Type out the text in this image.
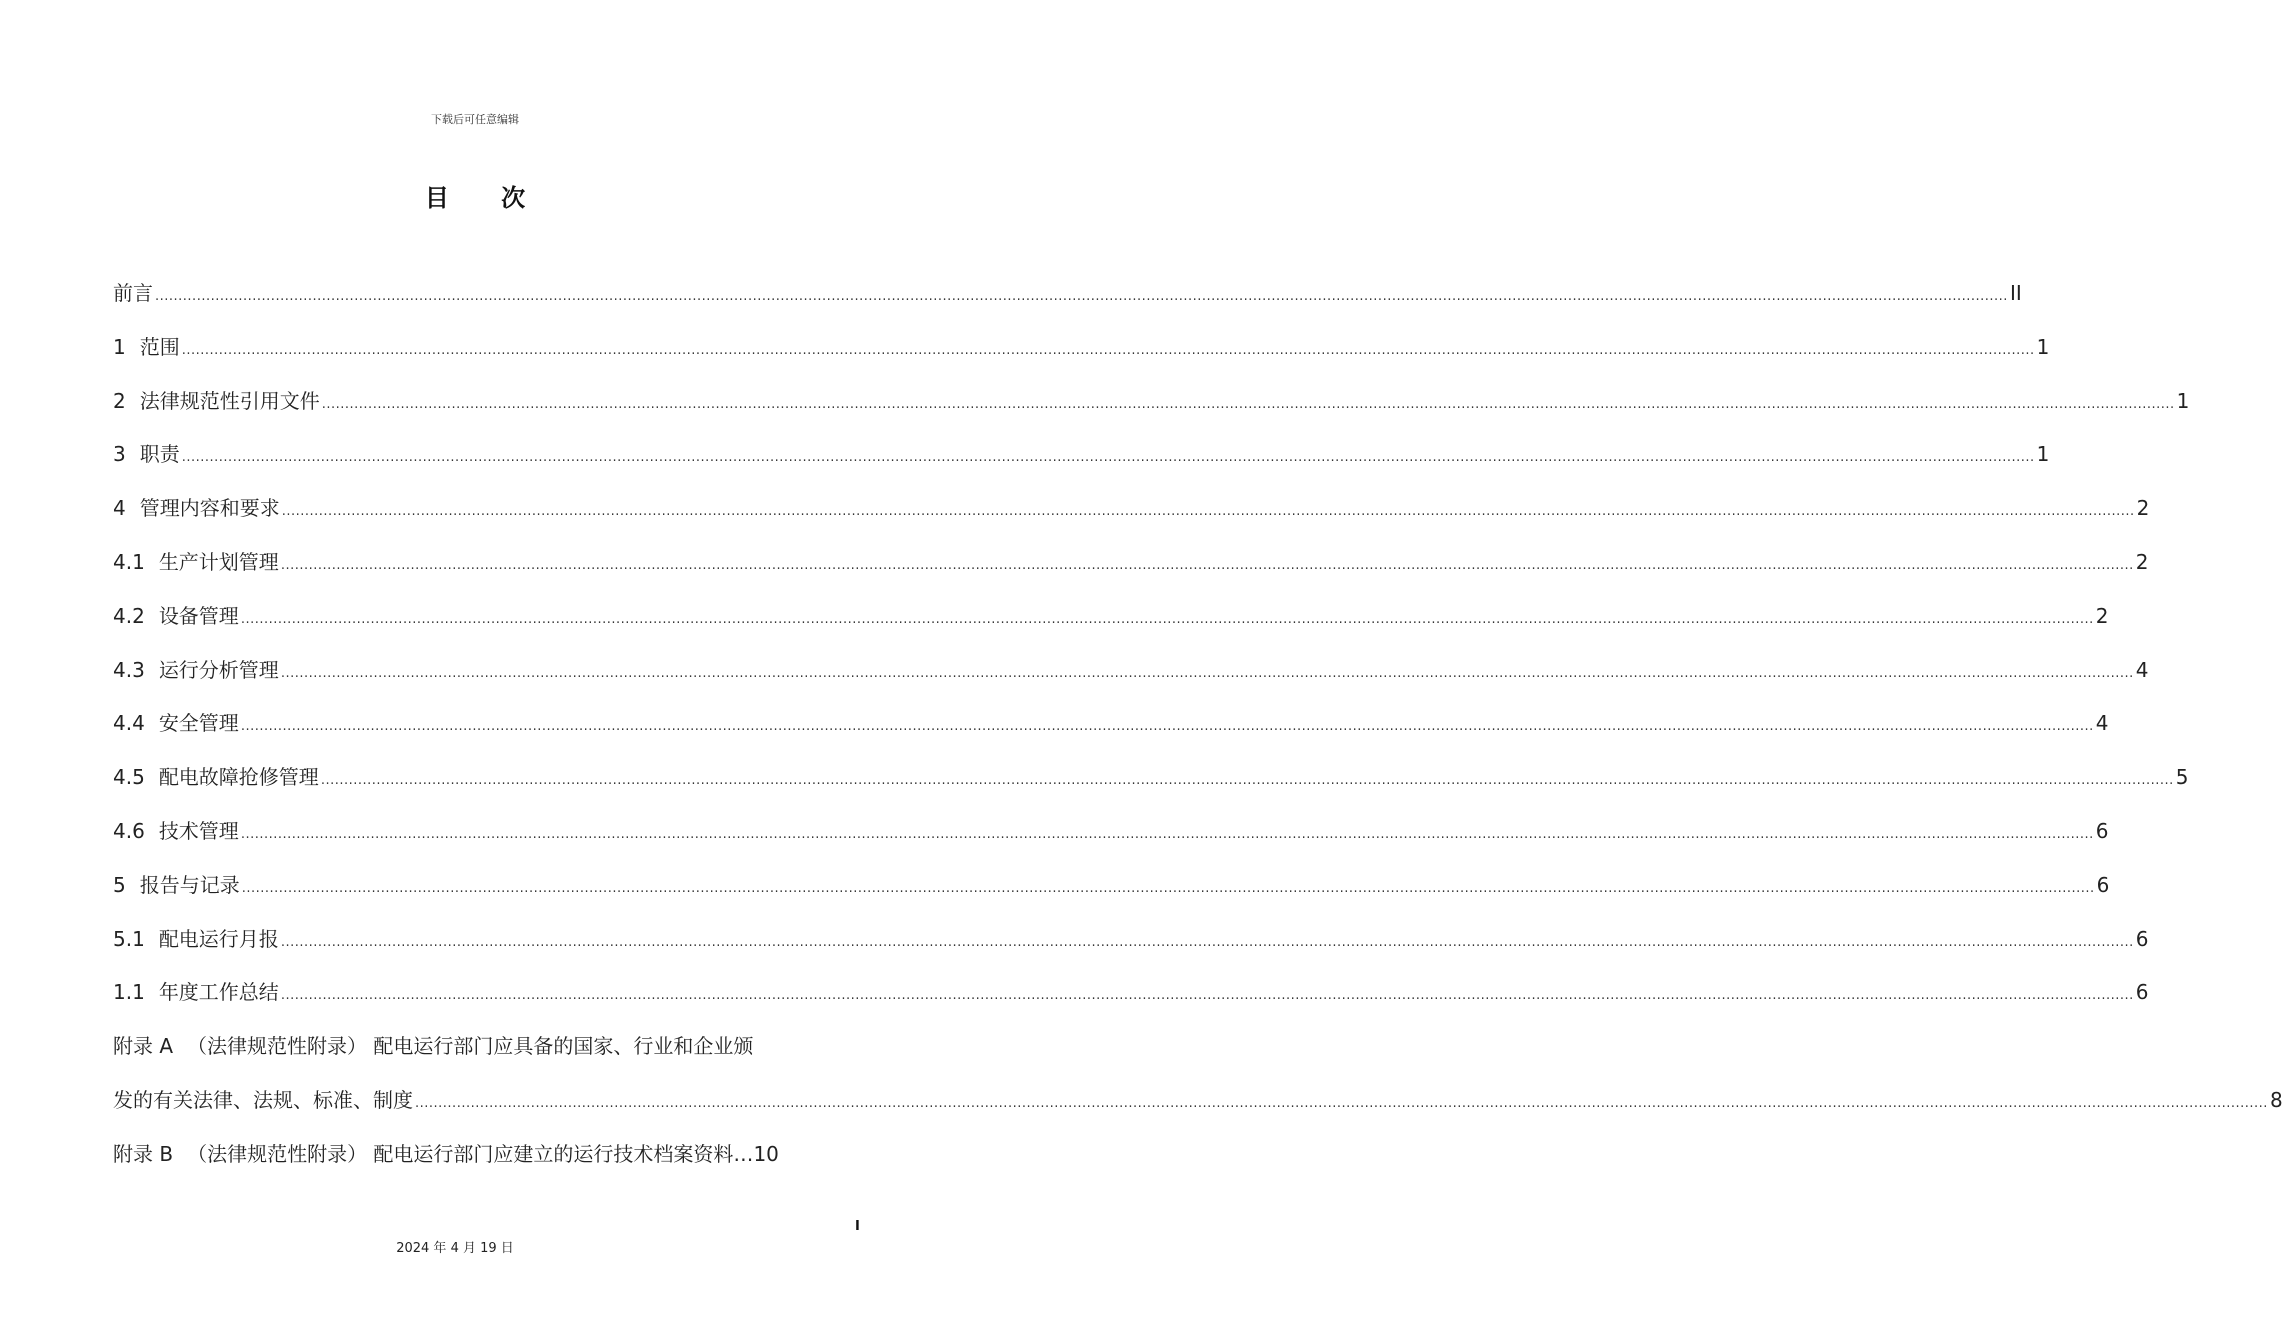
下载后可任意编辑
目 次
前言 ................................................................................................................................................................................................................................................................................................................................................................................................................ II
1 范围 ................................................................................................................................................................................................................................................................................................................................................................................................................ 1
2 法律规范性引用文件 ................................................................................................................................................................................................................................................................................................................................................................................................................ 1
3 职责 ................................................................................................................................................................................................................................................................................................................................................................................................................ 1
4 管理内容和要求 ................................................................................................................................................................................................................................................................................................................................................................................................................ 2
4.1 生产计划管理 ................................................................................................................................................................................................................................................................................................................................................................................................................ 2
4.2 设备管理 ................................................................................................................................................................................................................................................................................................................................................................................................................ 2
4.3 运行分析管理 ................................................................................................................................................................................................................................................................................................................................................................................................................ 4
4.4 安全管理 ................................................................................................................................................................................................................................................................................................................................................................................................................ 4
4.5 配电故障抢修管理 ................................................................................................................................................................................................................................................................................................................................................................................................................ 5
4.6 技术管理 ................................................................................................................................................................................................................................................................................................................................................................................................................ 6
5 报告与记录 ................................................................................................................................................................................................................................................................................................................................................................................................................ 6
5.1 配电运行月报 ................................................................................................................................................................................................................................................................................................................................................................................................................ 6
1.1 年度工作总结 ................................................................................................................................................................................................................................................................................................................................................................................................................ 6
附录 A （法律规范性附录） 配电运行部门应具备的国家、行业和企业颁
发的有关法律、法规、标准、制度 ................................................................................................................................................................................................................................................................................................................................................................................................................ 8
附录 B （法律规范性附录） 配电运行部门应建立的运行技术档案资料… 10
I
2024 年 4 月 19 日
